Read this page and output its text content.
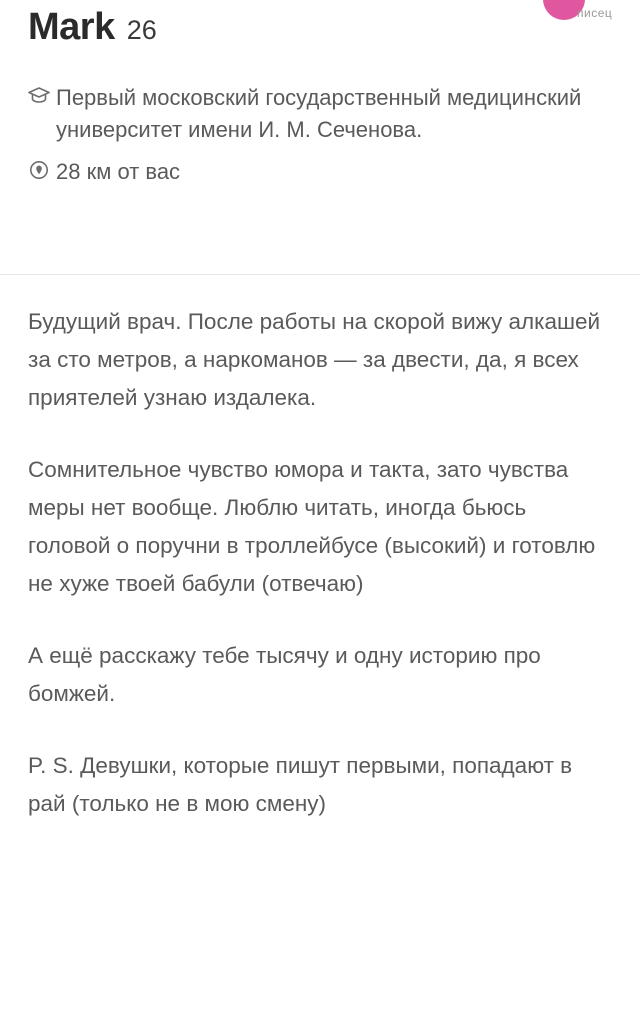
писец
Mark 26
Первый московский государственный медицинский университет имени И. М. Сеченова.
28 км от вас

Будущий врач. После работы на скорой вижу алкашей за сто метров, а наркоманов — за двести, да, я всех приятелей узнаю издалека.

Сомнительное чувство юмора и такта, зато чувства меры нет вообще. Люблю читать, иногда бьюсь головой о поручни в троллейбусе (высокий) и готовлю не хуже твоей бабули (отвечаю)

А ещё расскажу тебе тысячу и одну историю про бомжей.

P. S. Девушки, которые пишут первыми, попадают в рай (только не в мою смену)
